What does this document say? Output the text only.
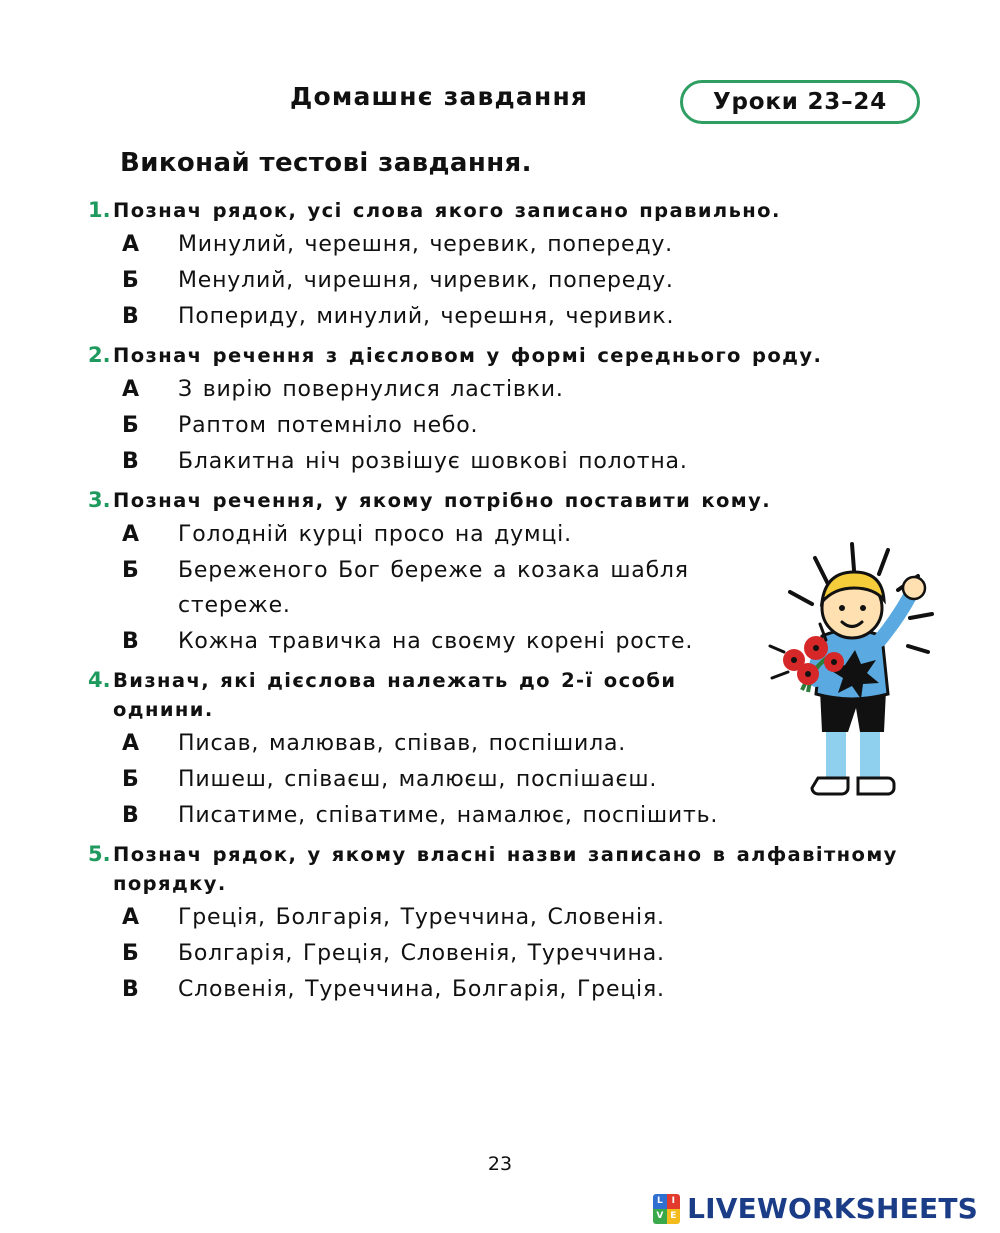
Домашнє завдання	Уроки 23–24
Виконай тестові завдання.
1. Познач рядок, усі слова якого записано правильно.
А	Минулий, черешня, черевик, попереду.
Б	Менулий, чирешня, чиревик, попереду.
В	Попериду, минулий, черешня, черивик.
2. Познач речення з дієсловом у формі середнього роду.
А	З вирію повернулися ластівки.
Б	Раптом потемніло небо.
В	Блакитна ніч розвішує шовкові полотна.
3. Познач речення, у якому потрібно поставити кому.
А	Голодній курці просо на думці.
Б	Береженого Бог береже а козака шабля стереже.
В	Кожна травичка на своєму корені росте.
4. Визнач, які дієслова належать до 2-ї особи однини.
А	Писав, малював, співав, поспішила.
Б	Пишеш, співаєш, малюєш, поспішаєш.
В	Писатиме, співатиме, намалює, поспішить.
5. Познач рядок, у якому власні назви записано в алфавітному порядку.
А	Греція, Болгарія, Туреччина, Словенія.
Б	Болгарія, Греція, Словенія, Туреччина.
В	Словенія, Туреччина, Болгарія, Греція.
23
L I
V E LIVEWORKSHEETS
